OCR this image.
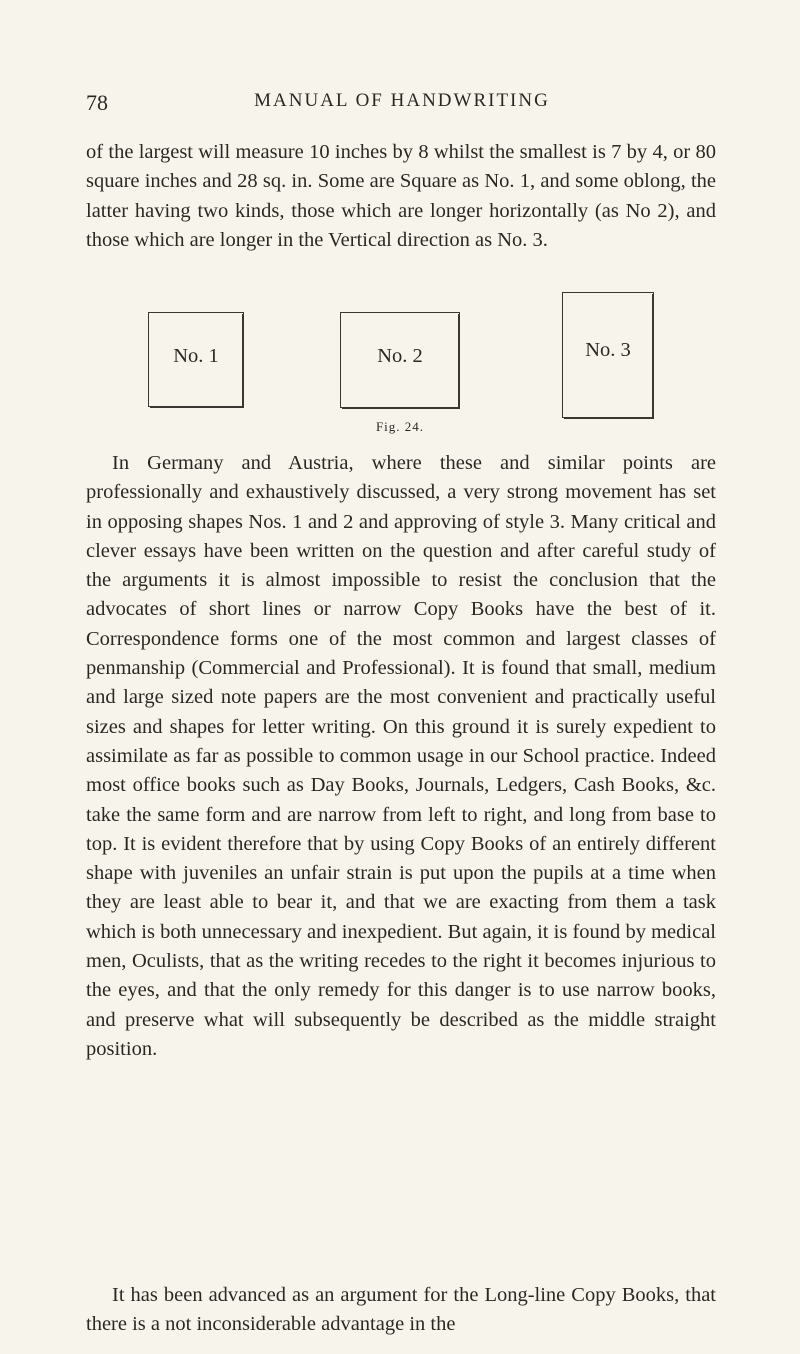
78	MANUAL OF HANDWRITING

of the largest will measure 10 inches by 8 whilst the smallest is 7 by 4, or 80 square inches and 28 sq. in. Some are Square as No. 1, and some oblong, the latter having two kinds, those which are longer horizontally (as No 2), and those which are longer in the Vertical direction as No. 3.

No. 1	No. 2	No. 3
Fig. 24.

In Germany and Austria, where these and similar points are professionally and exhaustively discussed, a very strong movement has set in opposing shapes Nos. 1 and 2 and approving of style 3. Many critical and clever essays have been written on the question and after careful study of the arguments it is almost impossible to resist the conclusion that the advocates of short lines or narrow Copy Books have the best of it. Correspondence forms one of the most common and largest classes of penmanship (Commercial and Professional). It is found that small, medium and large sized note papers are the most convenient and practically useful sizes and shapes for letter writing. On this ground it is surely expedient to assimilate as far as possible to common usage in our School practice. Indeed most office books such as Day Books, Journals, Ledgers, Cash Books, &c. take the same form and are narrow from left to right, and long from base to top. It is evident therefore that by using Copy Books of an entirely different shape with juveniles an unfair strain is put upon the pupils at a time when they are least able to bear it, and that we are exacting from them a task which is both unnecessary and inexpedient. But again, it is found by medical men, Oculists, that as the writing recedes to the right it becomes injurious to the eyes, and that the only remedy for this danger is to use narrow books, and preserve what will subsequently be described as the middle straight position.

It has been advanced as an argument for the Long-line Copy Books, that there is a not inconsiderable advantage in the
